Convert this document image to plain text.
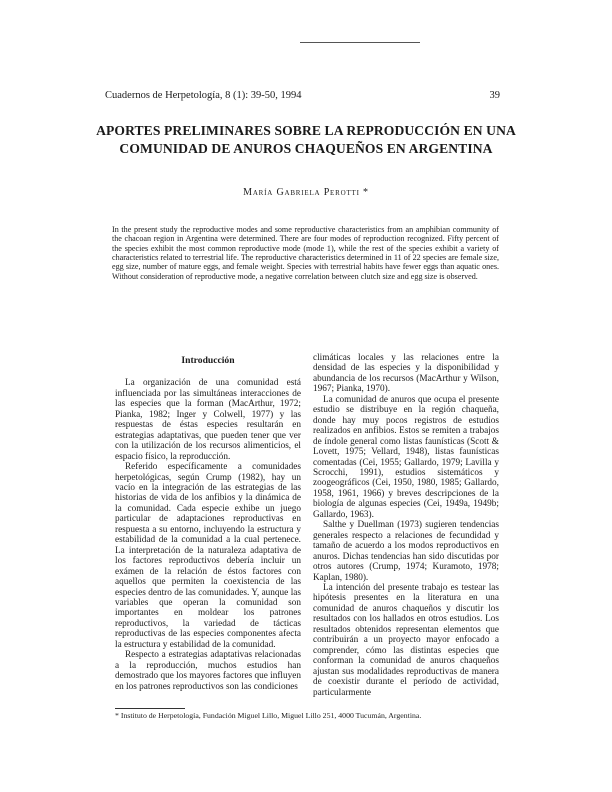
Cuadernos de Herpetología, 8 (1): 39-50, 1994	39
APORTES PRELIMINARES SOBRE LA REPRODUCCIÓN EN UNA
COMUNIDAD DE ANUROS CHAQUEÑOS EN ARGENTINA
María Gabriela Perotti *
In the present study the reproductive modes and some reproductive characteristics from an amphibian community of the chacoan region in Argentina were determined. There are four modes of reproduction recognized. Fifty percent of the species exhibit the most common reproductive mode (mode 1), while the rest of the species exhibit a variety of characteristics related to terrestrial life. The reproductive characteristics determined in 11 of 22 species are female size, egg size, number of mature eggs, and female weight. Species with terrestrial habits have fewer eggs than aquatic ones. Without consideration of reproductive mode, a negative correlation between clutch size and egg size is observed.
Introducción

La organización de una comunidad está influenciada por las simultáneas interacciones de las especies que la forman (MacArthur, 1972; Pianka, 1982; Inger y Colwell, 1977) y las respuestas de éstas especies resultarán en estrategias adaptativas, que pueden tener que ver con la utilización de los recursos alimenticios, el espacio físico, la reproducción.

Referido específicamente a comunidades herpetológicas, según Crump (1982), hay un vacío en la integración de las estrategias de las historias de vida de los anfibios y la dinámica de la comunidad. Cada especie exhibe un juego particular de adaptaciones reproductivas en respuesta a su entorno, incluyendo la estructura y estabilidad de la comunidad a la cual pertenece. La interpretación de la naturaleza adaptativa de los factores reproductivos debería incluir un exámen de la relación de éstos factores con aquellos que permiten la coexistencia de las especies dentro de las comunidades. Y, aunque las variables que operan la comunidad son importantes en moldear los patrones reproductivos, la variedad de tácticas reproductivas de las especies componentes afecta la estructura y estabilidad de la comunidad.

Respecto a estrategias adaptativas relacionadas a la reproducción, muchos estudios han demostrado que los mayores factores que influyen en los patrones reproductivos son las condiciones

climáticas locales y las relaciones entre la densidad de las especies y la disponibilidad y abundancia de los recursos (MacArthur y Wilson, 1967; Pianka, 1970).

La comunidad de anuros que ocupa el presente estudio se distribuye en la región chaqueña, donde hay muy pocos registros de estudios realizados en anfibios. Estos se remiten a trabajos de índole general como listas faunísticas (Scott & Lovett, 1975; Vellard, 1948), listas faunísticas comentadas (Cei, 1955; Gallardo, 1979; Lavilla y Scrocchi, 1991), estudios sistemáticos y zoogeográficos (Cei, 1950, 1980, 1985; Gallardo, 1958, 1961, 1966) y breves descripciones de la biología de algunas especies (Cei, 1949a, 1949b; Gallardo, 1963).

Salthe y Duellman (1973) sugieren tendencias generales respecto a relaciones de fecundidad y tamaño de acuerdo a los modos reproductivos en anuros. Dichas tendencias han sido discutidas por otros autores (Crump, 1974; Kuramoto, 1978; Kaplan, 1980).

La intención del presente trabajo es testear las hipótesis presentes en la literatura en una comunidad de anuros chaqueños y discutir los resultados con los hallados en otros estudios. Los resultados obtenidos representan elementos que contribuirán a un proyecto mayor enfocado a comprender, cómo las distintas especies que conforman la comunidad de anuros chaqueños ajustan sus modalidades reproductivas de manera de coexistir durante el período de actividad, particularmente

* Instituto de Herpetología, Fundación Miguel Lillo, Miguel Lillo 251, 4000 Tucumán, Argentina.
